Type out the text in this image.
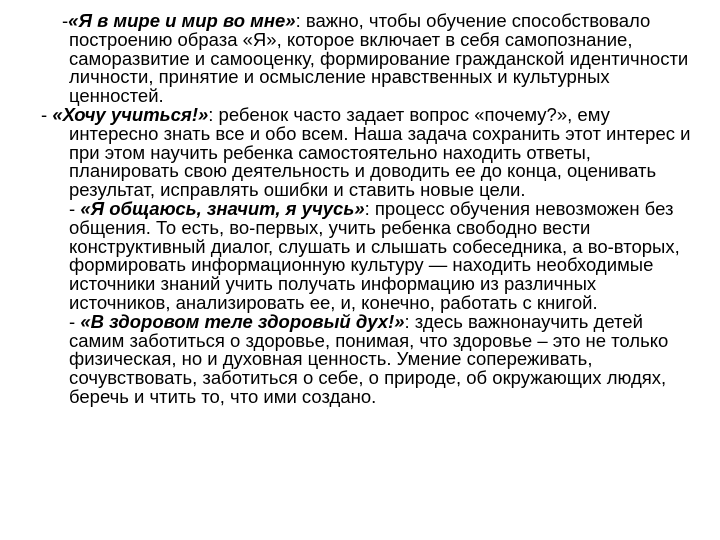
-«Я в мире и мир во мне»: важно, чтобы обучение способствовало построению образа «Я», которое включает в себя самопознание, саморазвитие и самооценку, формирование гражданской идентичности личности, принятие и осмысление нравственных и культурных ценностей.

- «Хочу учиться!»: ребенок часто задает вопрос «почему?», ему интересно знать все и обо всем. Наша задача сохранить этот интерес и при этом научить ребенка самостоятельно находить ответы, планировать свою деятельность и доводить ее до конца, оценивать результат, исправлять ошибки и ставить новые цели.

- «Я общаюсь, значит, я учусь»: процесс обучения невозможен без общения. То есть, во-первых, учить ребенка свободно вести конструктивный диалог, слушать и слышать собеседника, а во-вторых, формировать информационную культуру — находить необходимые источники знаний учить получать информацию из различных источников, анализировать ее, и, конечно, работать с книгой.

- «В здоровом теле здоровый дух!»: здесь важнонаучить детей самим заботиться о здоровье, понимая, что здоровье – это не только физическая, но и духовная ценность. Умение сопереживать, сочувствовать, заботиться о себе, о природе, об окружающих людях, беречь и чтить то, что ими создано.
